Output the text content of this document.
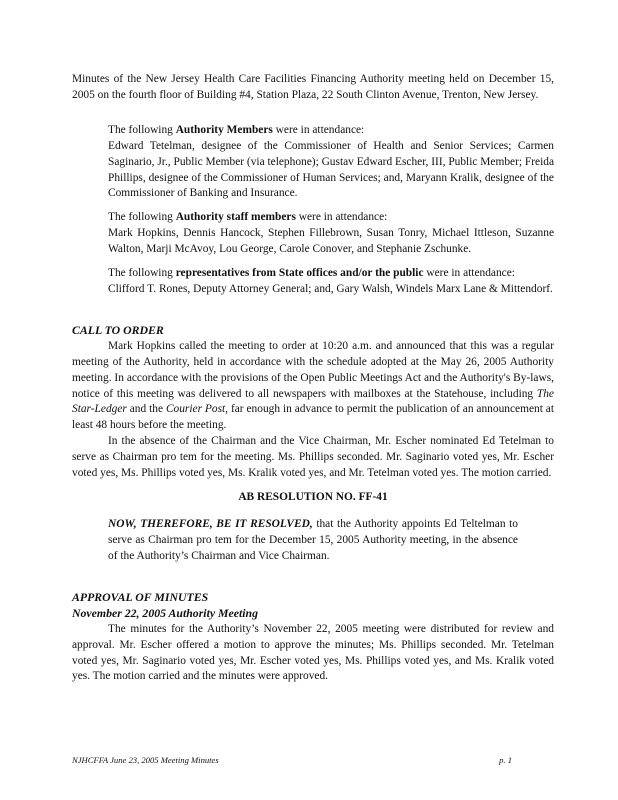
Minutes of the New Jersey Health Care Facilities Financing Authority meeting held on December 15, 2005 on the fourth floor of Building #4, Station Plaza, 22 South Clinton Avenue, Trenton, New Jersey.

The following Authority Members were in attendance:

Edward Tetelman, designee of the Commissioner of Health and Senior Services; Carmen Saginario, Jr., Public Member (via telephone); Gustav Edward Escher, III, Public Member; Freida Phillips, designee of the Commissioner of Human Services; and, Maryann Kralik, designee of the Commissioner of Banking and Insurance.

The following Authority staff members were in attendance:

Mark Hopkins, Dennis Hancock, Stephen Fillebrown, Susan Tonry, Michael Ittleson, Suzanne Walton, Marji McAvoy, Lou George, Carole Conover, and Stephanie Zschunke.

The following representatives from State offices and/or the public were in attendance:

Clifford T. Rones, Deputy Attorney General; and, Gary Walsh, Windels Marx Lane & Mittendorf.

CALL TO ORDER

Mark Hopkins called the meeting to order at 10:20 a.m. and announced that this was a regular meeting of the Authority, held in accordance with the schedule adopted at the May 26, 2005 Authority meeting. In accordance with the provisions of the Open Public Meetings Act and the Authority's By-laws, notice of this meeting was delivered to all newspapers with mailboxes at the Statehouse, including The Star-Ledger and the Courier Post, far enough in advance to permit the publication of an announcement at least 48 hours before the meeting.

In the absence of the Chairman and the Vice Chairman, Mr. Escher nominated Ed Tetelman to serve as Chairman pro tem for the meeting. Ms. Phillips seconded. Mr. Saginario voted yes, Mr. Escher voted yes, Ms. Phillips voted yes, Ms. Kralik voted yes, and Mr. Tetelman voted yes. The motion carried.

AB RESOLUTION NO. FF-41

NOW, THEREFORE, BE IT RESOLVED, that the Authority appoints Ed Teltelman to serve as Chairman pro tem for the December 15, 2005 Authority meeting, in the absence of the Authority’s Chairman and Vice Chairman.

APPROVAL OF MINUTES
November 22, 2005 Authority Meeting

The minutes for the Authority’s November 22, 2005 meeting were distributed for review and approval. Mr. Escher offered a motion to approve the minutes; Ms. Phillips seconded. Mr. Tetelman voted yes, Mr. Saginario voted yes, Mr. Escher voted yes, Ms. Phillips voted yes, and Ms. Kralik voted yes. The motion carried and the minutes were approved.

NJHCFFA June 23, 2005 Meeting Minutes	p. 1
